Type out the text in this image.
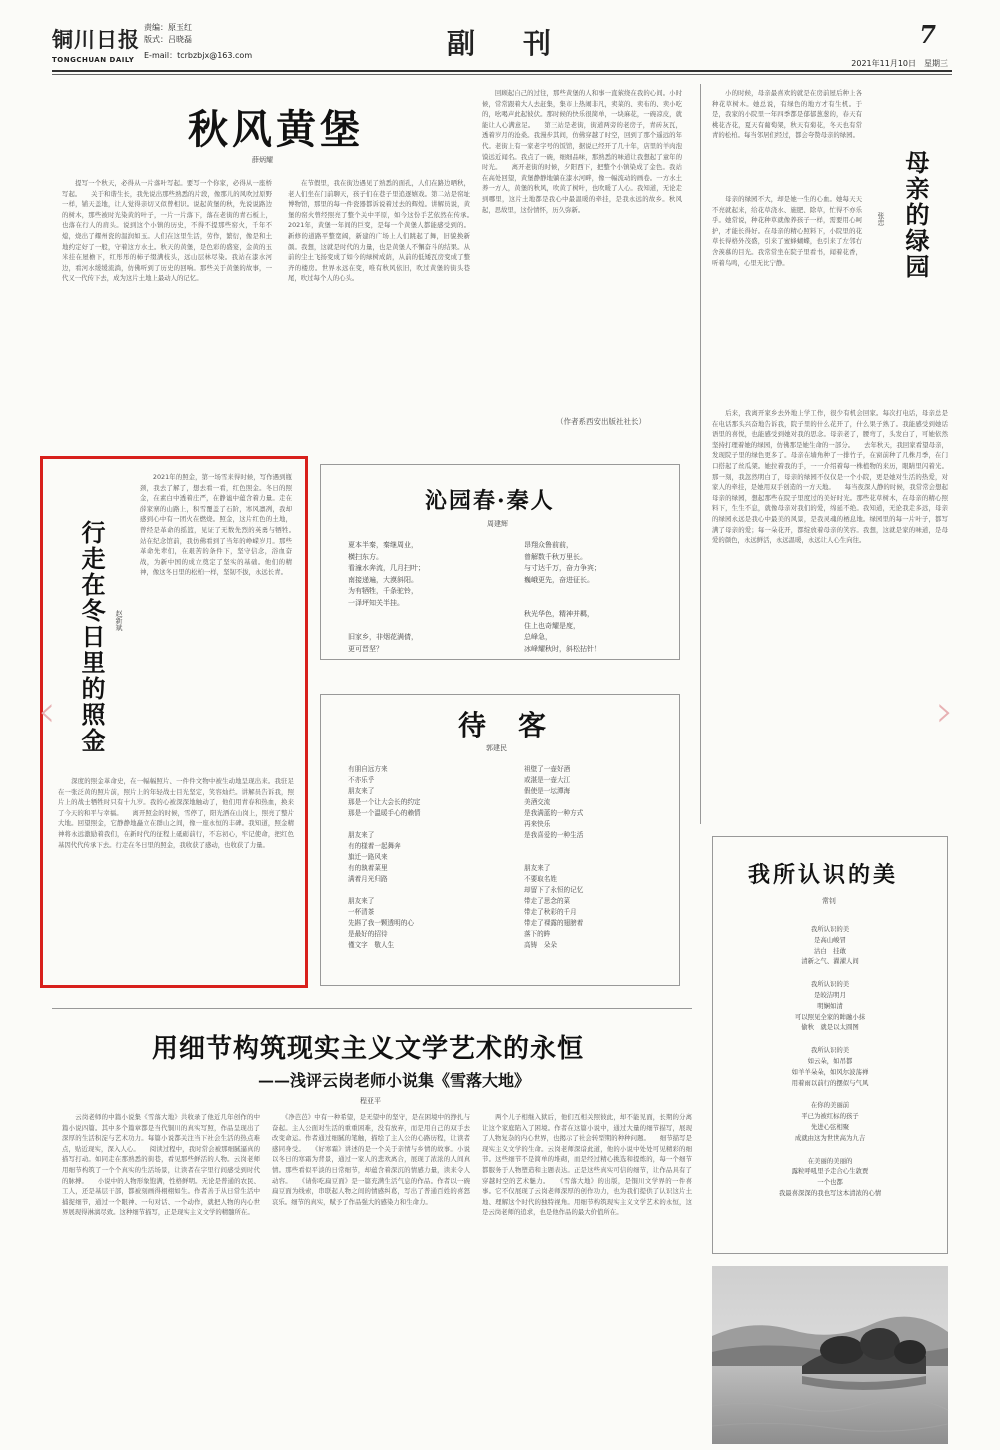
铜川日报
TONGCHUAN DAILY
责编：原玉红
版式：吕晓磊
E-mail：tcrbzbjx@163.com	副刊	7
2021年11月10日　星期三
秋风黄堡
薛炳耀
　　提写一个秋天，必得从一片落叶写起。要写一个你家，必得从一座桥写起。　　关于和谐生长，我先说出那些熟悉的片段，像那儿的风吹过原野一样，铺天盖地，让人觉得亲切又似曾相识。说起黄堡的秋，先说说路边的树木，那些被时光染黄的叶子，一片一片落下，落在老街的青石板上，也落在行人的肩头。说到这个小镇的历史，不得不提那些窑火，千年不熄，烧出了耀州瓷的温润如玉。人们在这里生活，劳作，繁衍，像是和土地约定好了一般，守着这方水土。秋天的黄堡，是色彩的盛宴，金黄的玉米挂在屋檐下，红彤彤的柿子缀满枝头，远山层林尽染。我站在漆水河边，看河水缓缓流淌，仿佛听到了历史的回响。那些关于黄堡的故事，一代又一代传下去，成为这片土地上最动人的记忆。
　　在节假里，我在街边遇见了熟悉的面孔，人们在路边晒秋，老人们坐在门前聊天，孩子们在巷子里追逐嬉戏。第二站是窑址博物馆，那里的每一件瓷器都诉说着过去的辉煌。讲解员说，黄堡的窑火曾经照亮了整个关中平原，如今这份手艺依然在传承。　　2021年，黄堡一年间的巨变，是每一个黄堡人都能感受到的。新修的道路平整宽阔，新建的广场上人们跳起了舞，旧貌换新颜。我想，这就是时代的力量，也是黄堡人不懈奋斗的结果。从前的尘土飞扬变成了如今的绿树成荫，从前的低矮瓦房变成了整齐的楼房。世界永远在变，唯有秋风依旧，吹过黄堡的街头巷尾，吹过每个人的心头。
　　回顾起自己的过往，那些黄堡的人和事一直萦绕在我的心间。小时候，常常跟着大人去赶集，集市上热闹非凡，卖菜的、卖布的、卖小吃的，吆喝声此起彼伏。那时候的快乐很简单，一块麻花，一碗凉皮，就能让人心满意足。　　第三站是老街，街道两旁的老房子，青砖灰瓦，透着岁月的沧桑。我漫步其间，仿佛穿越了时空，回到了那个遥远的年代。老街上有一家老字号的饭馆，据说已经开了几十年，店里的羊肉泡馍远近闻名。我点了一碗，细细品味，那熟悉的味道让我想起了童年的时光。　　离开老街的时候，夕阳西下，把整个小镇染成了金色。我站在高处回望，黄堡静静地躺在漆水河畔，像一幅流动的画卷。一方水土养一方人，黄堡的秋风，吹黄了树叶，也吹暖了人心。我知道，无论走到哪里，这片土地都是我心中最温暖的牵挂，是我永远的故乡。秋风起，思故里，这份情怀，历久弥新。
（作者系西安出版社社长）
　　小的时候，母亲最喜欢的就是在房前屋后种上各种花草树木。她总说，有绿色的地方才有生机。于是，我家的小院里一年四季都是郁郁葱葱的，春天有桃花杏花，夏天有葡萄架，秋天有菊花，冬天也有常青的松柏。每当邻居们经过，都会夸赞母亲的绿园。
母亲的绿园
张忠
　　母亲的绿园不大，却是她一生的心血。她每天天不亮就起来，给花草浇水、施肥、除草，忙得不亦乐乎。她常说，种花种草就像养孩子一样，需要用心呵护，才能长得好。在母亲的精心照料下，小院里的花草长得格外茂盛，引来了蜜蜂蝴蝶，也引来了左邻右舍羡慕的目光。我常常坐在院子里看书，闻着花香，听着鸟鸣，心里无比宁静。
　　后来，我离开家乡去外地上学工作，很少有机会回家。每次打电话，母亲总是在电话那头兴奋地告诉我，院子里的什么花开了，什么果子熟了。我能感受到她话语里的喜悦，也能感受到她对我的思念。母亲老了，腰弯了，头发白了，可她依然坚持打理着她的绿园，仿佛那是她生命的一部分。　　去年秋天，我回家看望母亲，发现院子里的绿色更多了。母亲在墙角种了一排竹子，在窗前种了几株月季，在门口搭起了丝瓜架。她拉着我的手，一一介绍着每一株植物的来历，眼睛里闪着光。那一刻，我忽然明白了，母亲的绿园不仅仅是一个小院，更是她对生活的热爱，对家人的牵挂，是她用双手创造的一方天地。　　每当夜深人静的时候，我常常会想起母亲的绿园，想起那些在院子里度过的美好时光。那些花草树木，在母亲的精心照料下，生生不息，就像母亲对我们的爱，绵延不绝。我知道，无论我走多远，母亲的绿园永远是我心中最美的风景，是我灵魂的栖息地。绿园里的每一片叶子，都写满了母亲的爱；每一朵花开，都绽放着母亲的笑容。我想，这就是家的味道，是母爱的颜色，永远鲜活，永远温暖，永远让人心生向往。
行走在冬日里的照金 赵新斌
　　2021年的照金，第一场雪来得时候，写作遇到瓶颈，我去了解了，想去看一看，红色照金。冬日的照金，在素白中透着庄严，在静谧中蕴含着力量。走在薛家寨的山路上，积雪覆盖了石阶，寒风凛冽，我却感到心中有一团火在燃烧。照金，这片红色的土地，曾经是革命的摇篮，见证了无数先烈的英勇与牺牲。　　站在纪念馆前，我仿佛看到了当年的峥嵘岁月。那些革命先辈们，在艰苦的条件下，坚守信念，浴血奋战，为新中国的成立奠定了坚实的基础。他们的精神，像这冬日里的松柏一样，坚韧不拔，永远长青。
　　深度的照金革命史，在一幅幅照片、一件件文物中被生动地呈现出来。我驻足在一张泛黄的照片前，照片上的年轻战士目光坚定，笑容灿烂。讲解员告诉我，照片上的战士牺牲时只有十九岁。我的心被深深地触动了，他们用青春和热血，换来了今天的和平与幸福。　　离开照金的时候，雪停了，阳光洒在山岗上，照亮了整片大地。回望照金，它静静地矗立在群山之间，像一座永恒的丰碑。我知道，照金精神将永远激励着我们，在新时代的征程上砥砺前行，不忘初心，牢记使命，把红色基因代代传承下去。行走在冬日里的照金，我收获了感动，也收获了力量。
沁园春·秦人
周建辉
夏本半秦，秦继周业，
横扫东方。
看潼水奔流，几月扫叶；
南接递遍，大漠斜阳。
为有牺牲，千条驼铃，
一泽坪知关半挂。
旧家乡，非烟花满倩，
更可晋坚？
昂翔众鲁前前，
曾解数千秋万里长。
与寸达千万，奋力争宾；
巍峨更先，奋进征长。
秋光华色，精神并羁，
住上也奇耀是度，
总峰急，
冰峰耀秋时，斜松拈针！
待　客
郭建民
有朋自远方来
不亦乐乎
朋友来了
那是一个让大会长的约定
那是一个温暖手心的赖情
朋友来了
有的様着一起舞奔
旗迁一路风来
有的執着菜里
满着月光归路
朋友来了
一杯清茶
先斟了我一颗透明的心
是最好的招待
僅文字　敬人生
祖壁了一壶好酒
或湛是一壶大江
假使是一坛潭海
美酒交流
是我满蓝的一种方式
再来快乐
是我喜爱的一种生活
朋友来了
不要取名姓
却留下了永恒的记忆
带走了思念的菜
带走了秋彩的千月
带走了裸露的翅膀着
落下的眸
高铸　朵朵
我所认识的美
常钊
我所认识的美
是高山峻冒
沽白　挂敢
清新之气、濯濯人间
我所认识的美
是皎洁明月
明娴如清
可以照见全家的眸融小抹
偷秋　就是以太圆图
我所认识的美
如云朵，如吊都
如羊羊朵朵，如风尔波荡禅
用着雨以前行的摆似与气风
在你的美丽前
平已为被红标的孩子
先进心弦相聚
成就由这为世世高为九吉
在美丽的美丽的
露粒呼吼里予走合心生敦贾
一个也都
我最喜深深的我也写这本清浓的心情
用细节构筑现实主义文学艺术的永恒
——浅评云岗老师小说集《雪落大地》
程亚平
　　云岗老师的中篇小说集《雪落大地》共收录了他近几年创作的中篇小说四篇。其中多个篇章都是当代铜川的真实写照，作品呈现出了深厚的生活积淀与艺术功力。每篇小说都关注当下社会生活的热点难点，贴近现实，深入人心。　　阅读过程中，我时常会被那细腻逼真的描写打动。如同走在那熟悉的街巷，看见那些鲜活的人物。云岗老师用细节构筑了一个个真实的生活场景，让读者在字里行间感受到时代的脉搏。　　小说中的人物形象饱满，性格鲜明。无论是普通的农民、工人，还是基层干部，都被刻画得栩栩如生。作者善于从日常生活中捕捉细节，通过一个眼神、一句对话、一个动作，就把人物的内心世界展现得淋漓尽致。这种细节描写，正是现实主义文学的精髓所在。
　　《净芭芭》中有一种希望，是无望中的坚守，是在困境中的挣扎与奋起。主人公面对生活的重重困难，没有放弃，而是用自己的双手去改变命运。作者通过细腻的笔触，描绘了主人公的心路历程，让读者感同身受。　　《好寒霜》讲述的是一个关于亲情与乡情的故事。小说以冬日的寒霜为背景，通过一家人的悲欢离合，展现了浓浓的人间真情。那些看似平淡的日常细节，却蕴含着深沉的情感力量，读来令人动容。　　《请你吃扁豆面》是一篇充满生活气息的作品。作者以一碗扁豆面为线索，串联起人物之间的情感纠葛，写出了普通百姓的喜怒哀乐。细节的真实，赋予了作品强大的感染力和生命力。
　　两个儿子相继入狱后，他们互相关照彼此，却不能见面，长期的分离让这个家庭陷入了困境。作者在这篇小说中，通过大量的细节描写，展现了人物复杂的内心世界，也揭示了社会转型期的种种问题。　　细节描写是现实主义文学的生命。云岗老师深谙此道，他的小说中处处可见精彩的细节。这些细节不是简单的堆砌，而是经过精心挑选和提炼的，每一个细节都服务于人物塑造和主题表达。正是这些真实可信的细节，让作品具有了穿越时空的艺术魅力。　　《雪落大地》的出版，是铜川文学界的一件喜事。它不仅展现了云岗老师深厚的创作功力，也为我们提供了认识这片土地、理解这个时代的独特视角。用细节构筑现实主义文学艺术的永恒，这是云岗老师的追求，也是他作品的最大价值所在。
‹	›
